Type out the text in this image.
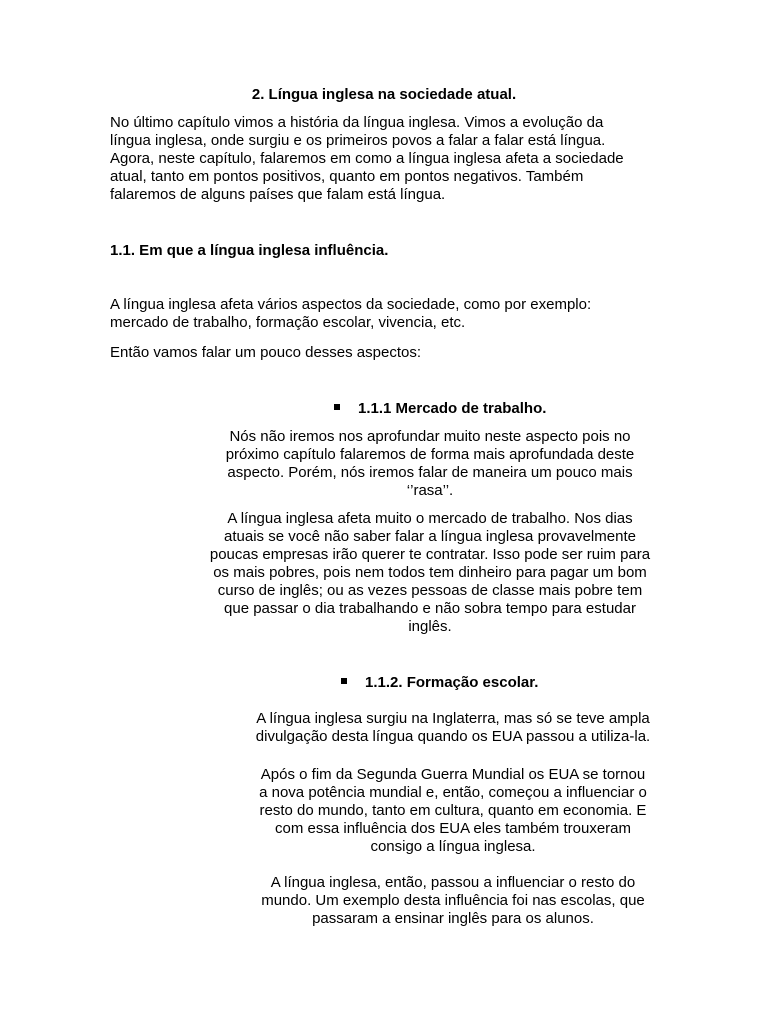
2. Língua inglesa na sociedade atual.
No último capítulo vimos a história da língua inglesa. Vimos a evolução da
língua inglesa, onde surgiu e os primeiros povos a falar a falar está língua.
Agora, neste capítulo, falaremos em como a língua inglesa afeta a sociedade
atual, tanto em pontos positivos, quanto em pontos negativos. Também
falaremos de alguns países que falam está língua.
1.1. Em que a língua inglesa influência.
A língua inglesa afeta vários aspectos da sociedade, como por exemplo:
mercado de trabalho, formação escolar, vivencia, etc.
Então vamos falar um pouco desses aspectos:
1.1.1 Mercado de trabalho.
Nós não iremos nos aprofundar muito neste aspecto pois no
próximo capítulo falaremos de forma mais aprofundada deste
aspecto. Porém, nós iremos falar de maneira um pouco mais
‘’rasa’’.
A língua inglesa afeta muito o mercado de trabalho. Nos dias
atuais se você não saber falar a língua inglesa provavelmente
poucas empresas irão querer te contratar. Isso pode ser ruim para
os mais pobres, pois nem todos tem dinheiro para pagar um bom
curso de inglês; ou as vezes pessoas de classe mais pobre tem
que passar o dia trabalhando e não sobra tempo para estudar
inglês.
1.1.2. Formação escolar.
A língua inglesa surgiu na Inglaterra, mas só se teve ampla
divulgação desta língua quando os EUA passou a utiliza-la.
Após o fim da Segunda Guerra Mundial os EUA se tornou
a nova potência mundial e, então, começou a influenciar o
resto do mundo, tanto em cultura, quanto em economia. E
com essa influência dos EUA eles também trouxeram
consigo a língua inglesa.
A língua inglesa, então, passou a influenciar o resto do
mundo. Um exemplo desta influência foi nas escolas, que
passaram a ensinar inglês para os alunos.
